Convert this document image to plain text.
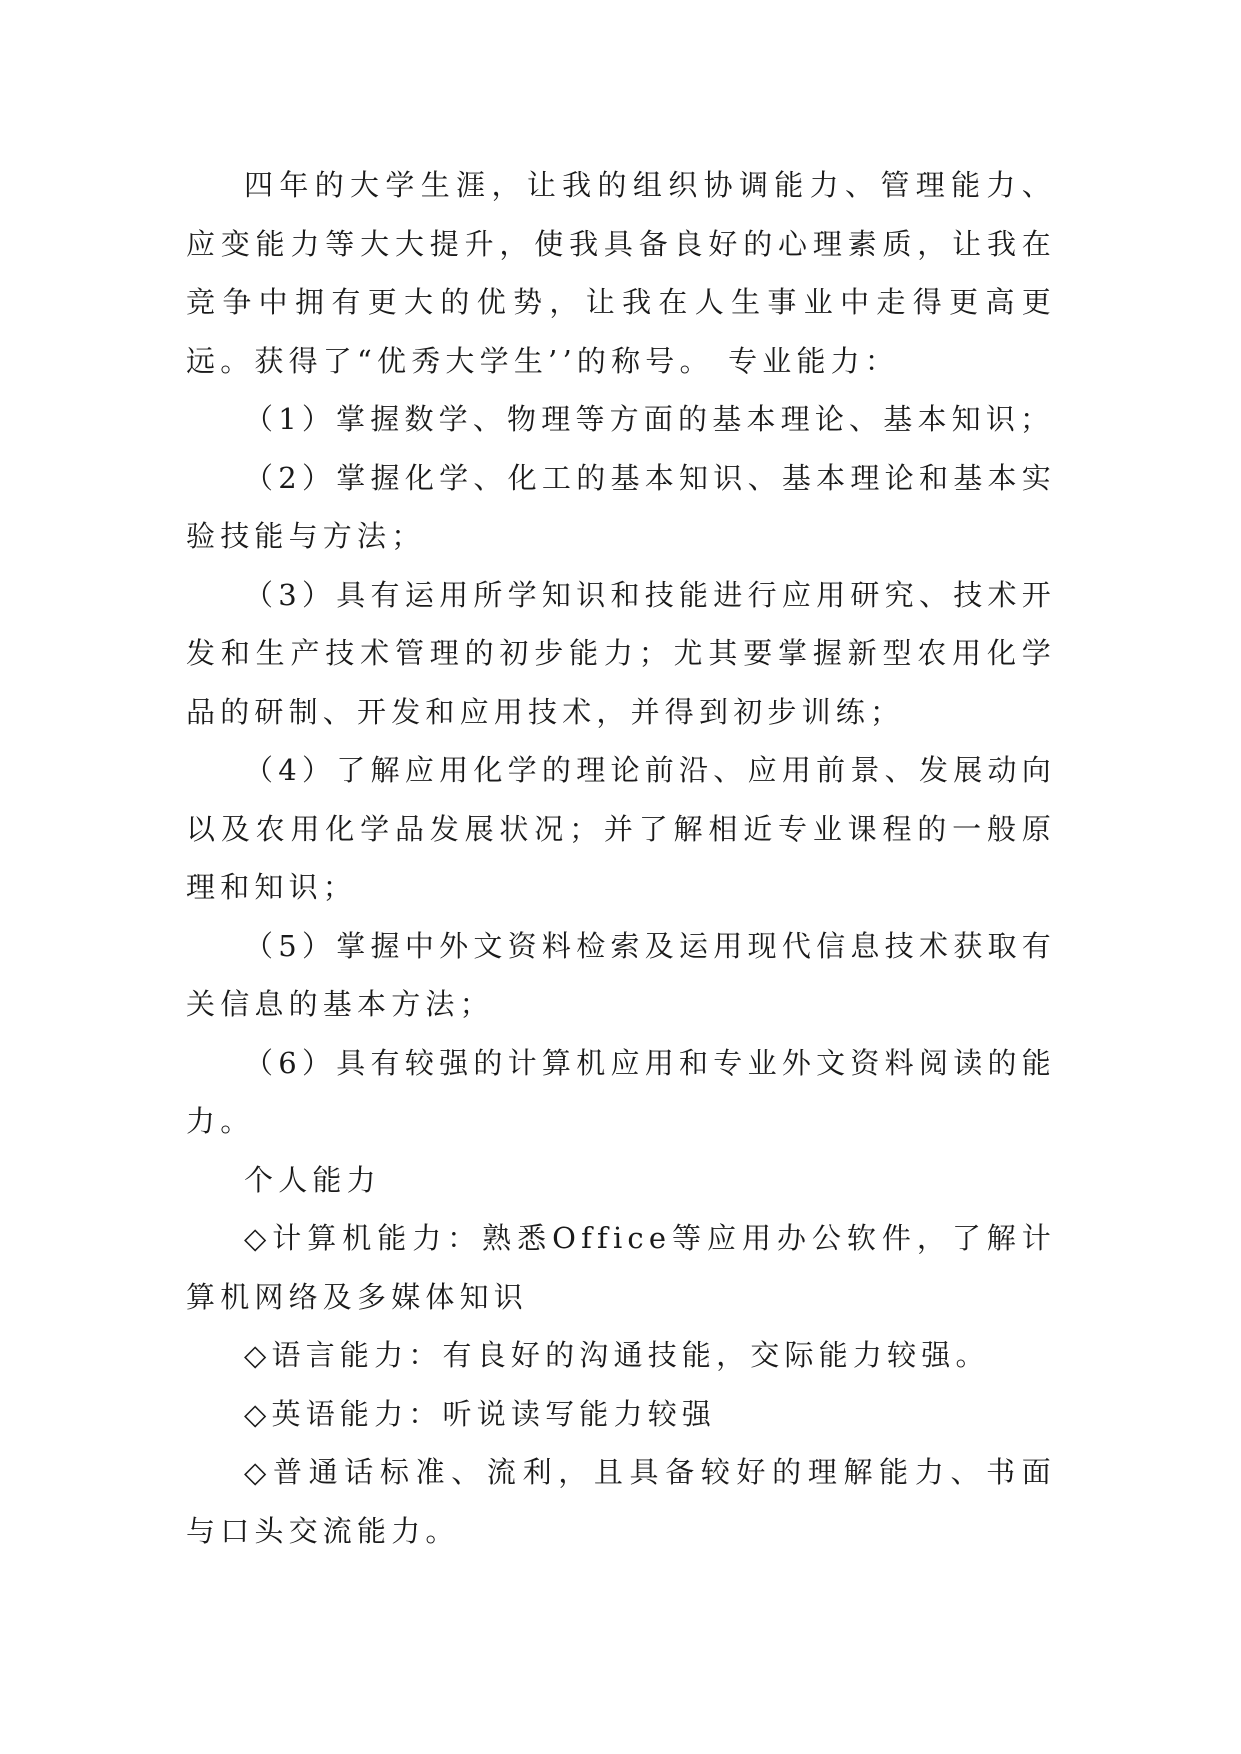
四年的大学生涯，让我的组织协调能力、管理能力、应变能力等大大提升，使我具备良好的心理素质，让我在竞争中拥有更大的优势，让我在人生事业中走得更高更远。获得了“优秀大学生’’的称号。 专业能力：

（1）掌握数学、物理等方面的基本理论、基本知识；

（2）掌握化学、化工的基本知识、基本理论和基本实验技能与方法；

（3）具有运用所学知识和技能进行应用研究、技术开发和生产技术管理的初步能力；尤其要掌握新型农用化学品的研制、开发和应用技术，并得到初步训练；

（4）了解应用化学的理论前沿、应用前景、发展动向以及农用化学品发展状况；并了解相近专业课程的一般原理和知识；

（5）掌握中外文资料检索及运用现代信息技术获取有关信息的基本方法；

（6）具有较强的计算机应用和专业外文资料阅读的能力。

个人能力

◇计算机能力：熟悉Office等应用办公软件，了解计算机网络及多媒体知识

◇语言能力：有良好的沟通技能，交际能力较强。

◇英语能力：听说读写能力较强

◇普通话标准、流利，且具备较好的理解能力、书面与口头交流能力。
